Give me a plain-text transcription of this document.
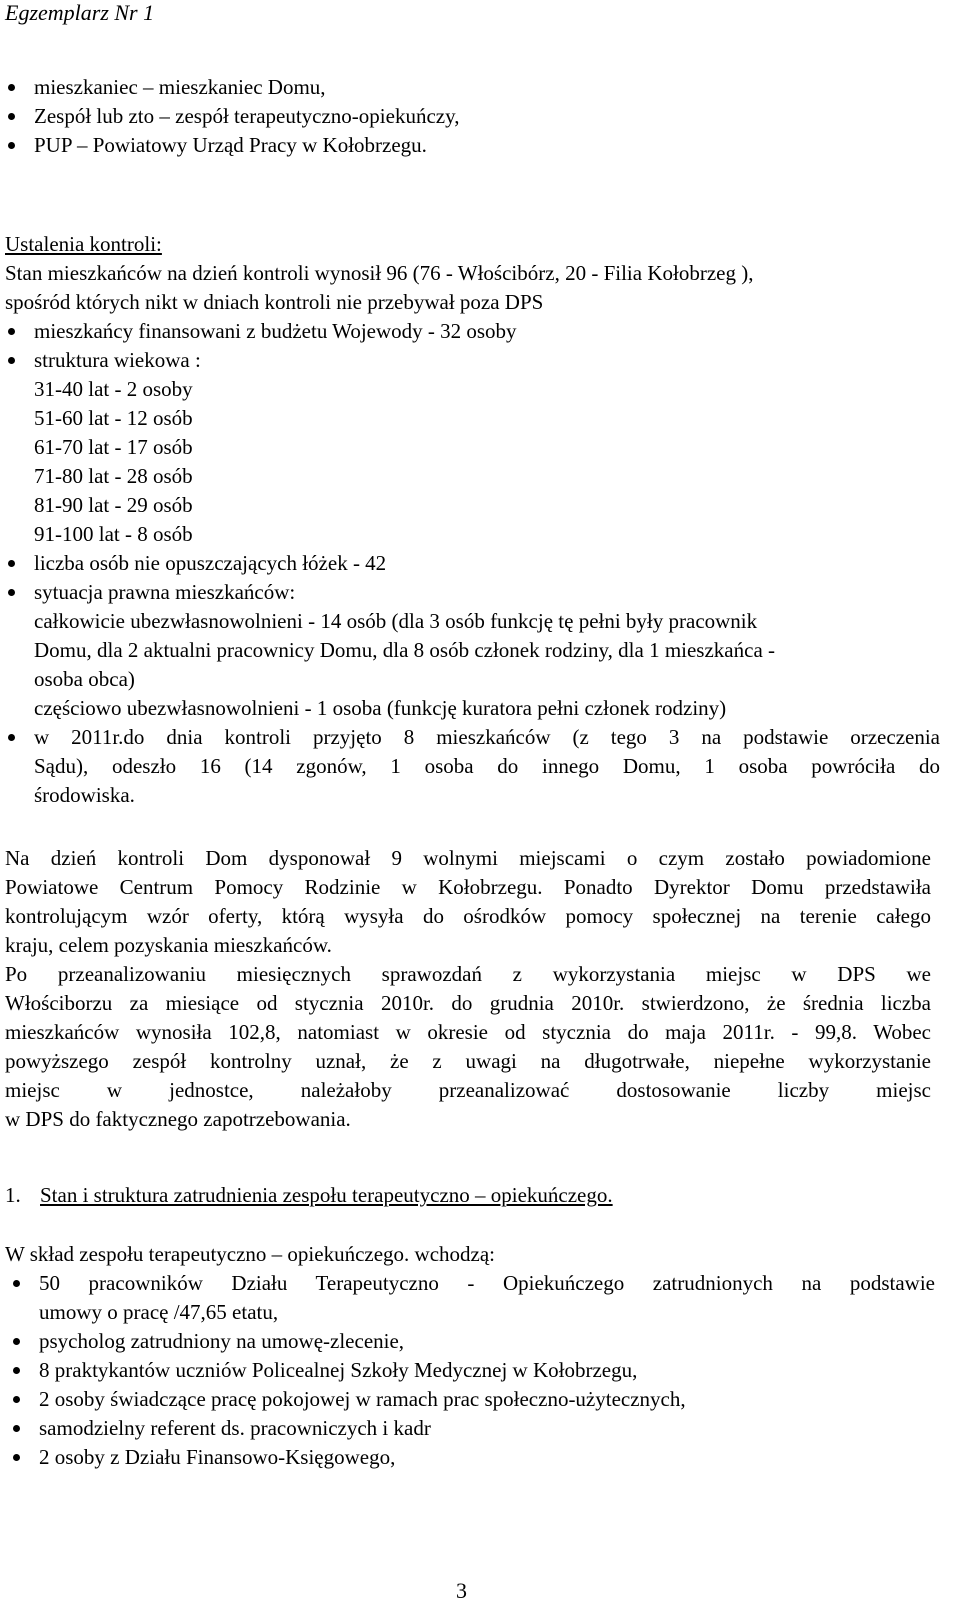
Egzemplarz Nr 1
mieszkaniec – mieszkaniec Domu,
Zespół lub zto – zespół terapeutyczno-opiekuńczy,
PUP – Powiatowy Urząd Pracy w Kołobrzegu.
Ustalenia kontroli:
Stan mieszkańców na dzień kontroli wynosił 96 (76 - Włościbórz, 20 - Filia Kołobrzeg ),
spośród których nikt w dniach kontroli nie przebywał poza DPS
mieszkańcy finansowani z budżetu Wojewody - 32 osoby
struktura wiekowa :
31-40 lat - 2 osoby
51-60 lat - 12 osób
61-70 lat - 17 osób
71-80 lat - 28 osób
81-90 lat - 29 osób
91-100 lat - 8 osób
liczba osób nie opuszczających łóżek - 42
sytuacja prawna mieszkańców:
całkowicie ubezwłasnowolnieni - 14 osób (dla 3 osób funkcję tę pełni były pracownik
Domu, dla 2 aktualni pracownicy Domu, dla 8 osób członek rodziny, dla 1 mieszkańca -
osoba obca)
częściowo ubezwłasnowolnieni - 1 osoba (funkcję kuratora pełni członek rodziny)
w 2011r.do dnia kontroli przyjęto 8 mieszkańców (z tego 3 na podstawie orzeczenia
Sądu), odeszło 16 (14 zgonów, 1 osoba do innego Domu, 1 osoba powróciła do
środowiska.
Na dzień kontroli Dom dysponował 9 wolnymi miejscami o czym zostało powiadomione
Powiatowe Centrum Pomocy Rodzinie w Kołobrzegu. Ponadto Dyrektor Domu przedstawiła
kontrolującym wzór oferty, którą wysyła do ośrodków pomocy społecznej na terenie całego
kraju, celem pozyskania mieszkańców.
Po przeanalizowaniu miesięcznych sprawozdań z wykorzystania miejsc w DPS we
Włościborzu za miesiące od stycznia 2010r. do grudnia 2010r. stwierdzono, że średnia liczba
mieszkańców wynosiła 102,8, natomiast w okresie od stycznia do maja 2011r. - 99,8. Wobec
powyższego zespół kontrolny uznał, że z uwagi na długotrwałe, niepełne wykorzystanie
miejsc w jednostce, należałoby przeanalizować dostosowanie liczby miejsc
w DPS do faktycznego zapotrzebowania.
1. Stan i struktura zatrudnienia zespołu terapeutyczno – opiekuńczego.
W skład zespołu terapeutyczno – opiekuńczego. wchodzą:
50 pracowników Działu Terapeutyczno - Opiekuńczego zatrudnionych na podstawie
umowy o pracę /47,65 etatu,
psycholog zatrudniony na umowę-zlecenie,
8 praktykantów uczniów Policealnej Szkoły Medycznej w Kołobrzegu,
2 osoby świadczące pracę pokojowej w ramach prac społeczno-użytecznych,
samodzielny referent ds. pracowniczych i kadr
2 osoby z Działu Finansowo-Księgowego,
3
